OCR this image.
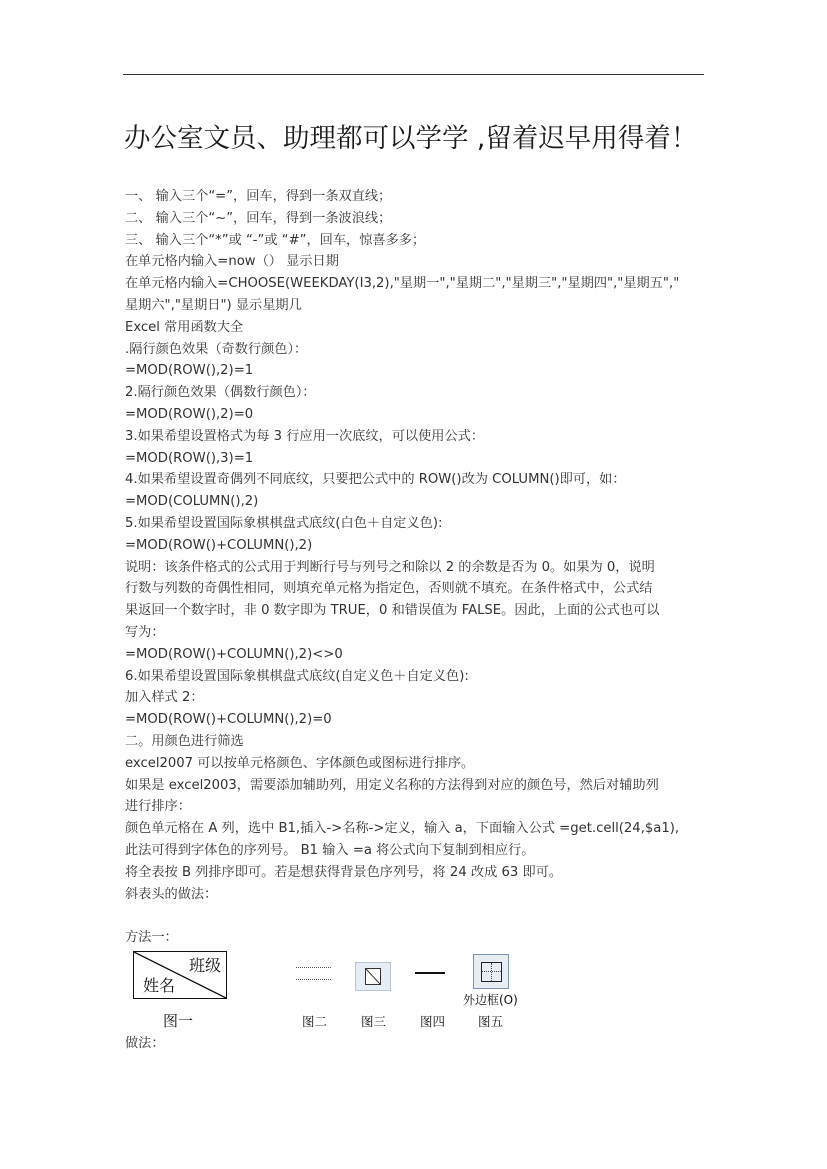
办公室文员、助理都可以学学 ,留着迟早用得着！
一、 输入三个“=”，回车，得到一条双直线；
二、 输入三个“~”，回车，得到一条波浪线；
三、 输入三个“*”或 “-”或 “#”，回车，惊喜多多；
在单元格内输入=now（） 显示日期
在单元格内输入=CHOOSE(WEEKDAY(I3,2),"星期一","星期二","星期三","星期四","星期五","
星期六","星期日") 显示星期几
Excel 常用函数大全
.隔行颜色效果（奇数行颜色）：
=MOD(ROW(),2)=1
2.隔行颜色效果（偶数行颜色）：
=MOD(ROW(),2)=0
3.如果希望设置格式为每 3 行应用一次底纹，可以使用公式：
=MOD(ROW(),3)=1
4.如果希望设置奇偶列不同底纹，只要把公式中的 ROW()改为 COLUMN()即可，如：
=MOD(COLUMN(),2)
5.如果希望设置国际象棋棋盘式底纹(白色＋自定义色):
=MOD(ROW()+COLUMN(),2)
说明：该条件格式的公式用于判断行号与列号之和除以 2 的余数是否为 0。如果为 0，说明
行数与列数的奇偶性相同，则填充单元格为指定色，否则就不填充。在条件格式中，公式结
果返回一个数字时，非 0 数字即为 TRUE，0 和错误值为 FALSE。因此，上面的公式也可以
写为：
=MOD(ROW()+COLUMN(),2)<>0
6.如果希望设置国际象棋棋盘式底纹(自定义色＋自定义色):
加入样式 2：
=MOD(ROW()+COLUMN(),2)=0
二。用颜色进行筛选
excel2007 可以按单元格颜色、字体颜色或图标进行排序。
如果是 excel2003，需要添加辅助列，用定义名称的方法得到对应的颜色号，然后对辅助列
进行排序：
颜色单元格在 A 列，选中 B1,插入->名称->定义，输入 a，下面输入公式 =get.cell(24,$a1),
此法可得到字体色的序列号。 B1 输入 =a 将公式向下复制到相应行。
将全表按 B 列排序即可。若是想获得背景色序列号，将 24 改成 63 即可。
斜表头的做法：
方法一：
班级
姓名
图一	图二	图三	图四
外边框(O)
图五
做法：
